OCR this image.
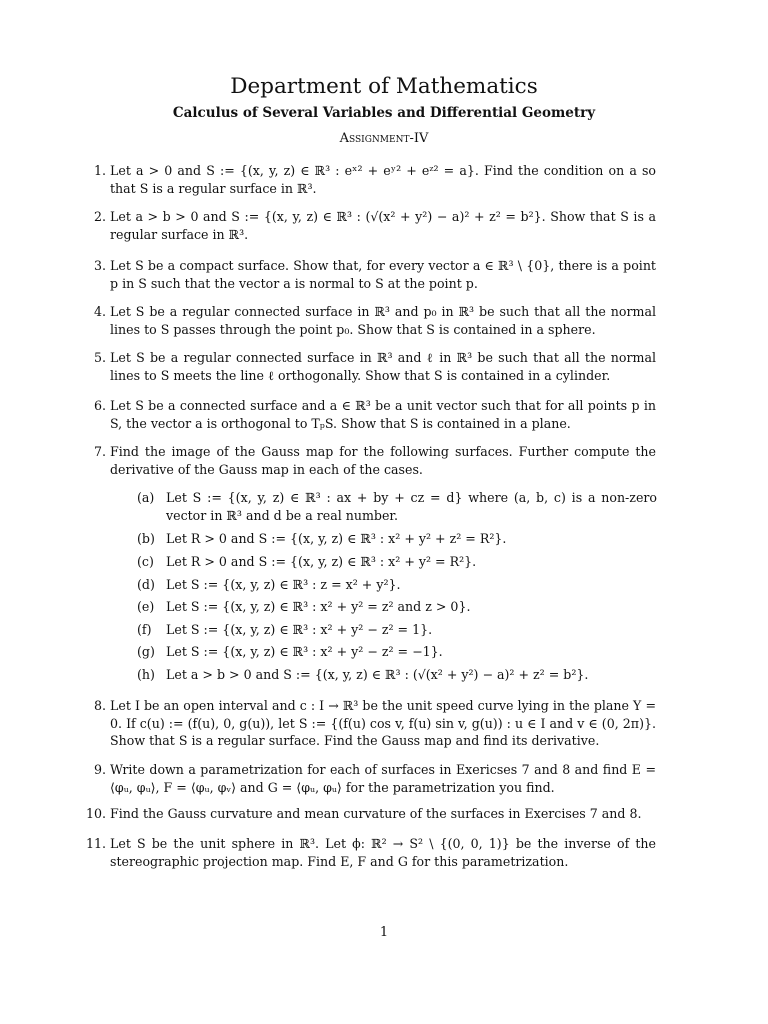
Department of Mathematics
Calculus of Several Variables and Differential Geometry
Assignment-IV
1. Let a > 0 and S := {(x, y, z) ∈ ℝ³ : eˣ² + eʸ² + eᶻ² = a}. Find the condition on a so that S is a regular surface in ℝ³.
2. Let a > b > 0 and S := {(x, y, z) ∈ ℝ³ : (√(x² + y²) − a)² + z² = b²}. Show that S is a regular surface in ℝ³.
3. Let S be a compact surface. Show that, for every vector a ∈ ℝ³ \ {0}, there is a point p in S such that the vector a is normal to S at the point p.
4. Let S be a regular connected surface in ℝ³ and p₀ in ℝ³ be such that all the normal lines to S passes through the point p₀. Show that S is contained in a sphere.
5. Let S be a regular connected surface in ℝ³ and ℓ in ℝ³ be such that all the normal lines to S meets the line ℓ orthogonally. Show that S is contained in a cylinder.
6. Let S be a connected surface and a ∈ ℝ³ be a unit vector such that for all points p in S, the vector a is orthogonal to TₚS. Show that S is contained in a plane.
7. Find the image of the Gauss map for the following surfaces. Further compute the derivative of the Gauss map in each of the cases.
(a) Let S := {(x, y, z) ∈ ℝ³ : ax + by + cz = d} where (a, b, c) is a non-zero vector in ℝ³ and d be a real number.
(b) Let R > 0 and S := {(x, y, z) ∈ ℝ³ : x² + y² + z² = R²}.
(c) Let R > 0 and S := {(x, y, z) ∈ ℝ³ : x² + y² = R²}.
(d) Let S := {(x, y, z) ∈ ℝ³ : z = x² + y²}.
(e) Let S := {(x, y, z) ∈ ℝ³ : x² + y² = z² and z > 0}.
(f)	Let S := {(x, y, z) ∈ ℝ³ : x² + y² − z² = 1}.
(g) Let S := {(x, y, z) ∈ ℝ³ : x² + y² − z² = −1}.
(h) Let a > b > 0 and S := {(x, y, z) ∈ ℝ³ : (√(x² + y²) − a)² + z² = b²}.
8. Let I be an open interval and c : I → ℝ³ be the unit speed curve lying in the plane Y = 0. If c(u) := (f(u), 0, g(u)), let S := {(f(u) cos v, f(u) sin v, g(u)) : u ∈ I and v ∈ (0, 2π)}. Show that S is a regular surface. Find the Gauss map and find its derivative.
9. Write down a parametrization for each of surfaces in Exericses 7 and 8 and find E = ⟨φᵤ, φᵤ⟩, F = ⟨φᵤ, φᵥ⟩ and G = ⟨φᵤ, φᵤ⟩ for the parametrization you find.
10. Find the Gauss curvature and mean curvature of the surfaces in Exercises 7 and 8.
11. Let S be the unit sphere in ℝ³. Let ϕ: ℝ² → S² \ {(0, 0, 1)} be the inverse of the stereographic projection map. Find E, F and G for this parametrization.
1
